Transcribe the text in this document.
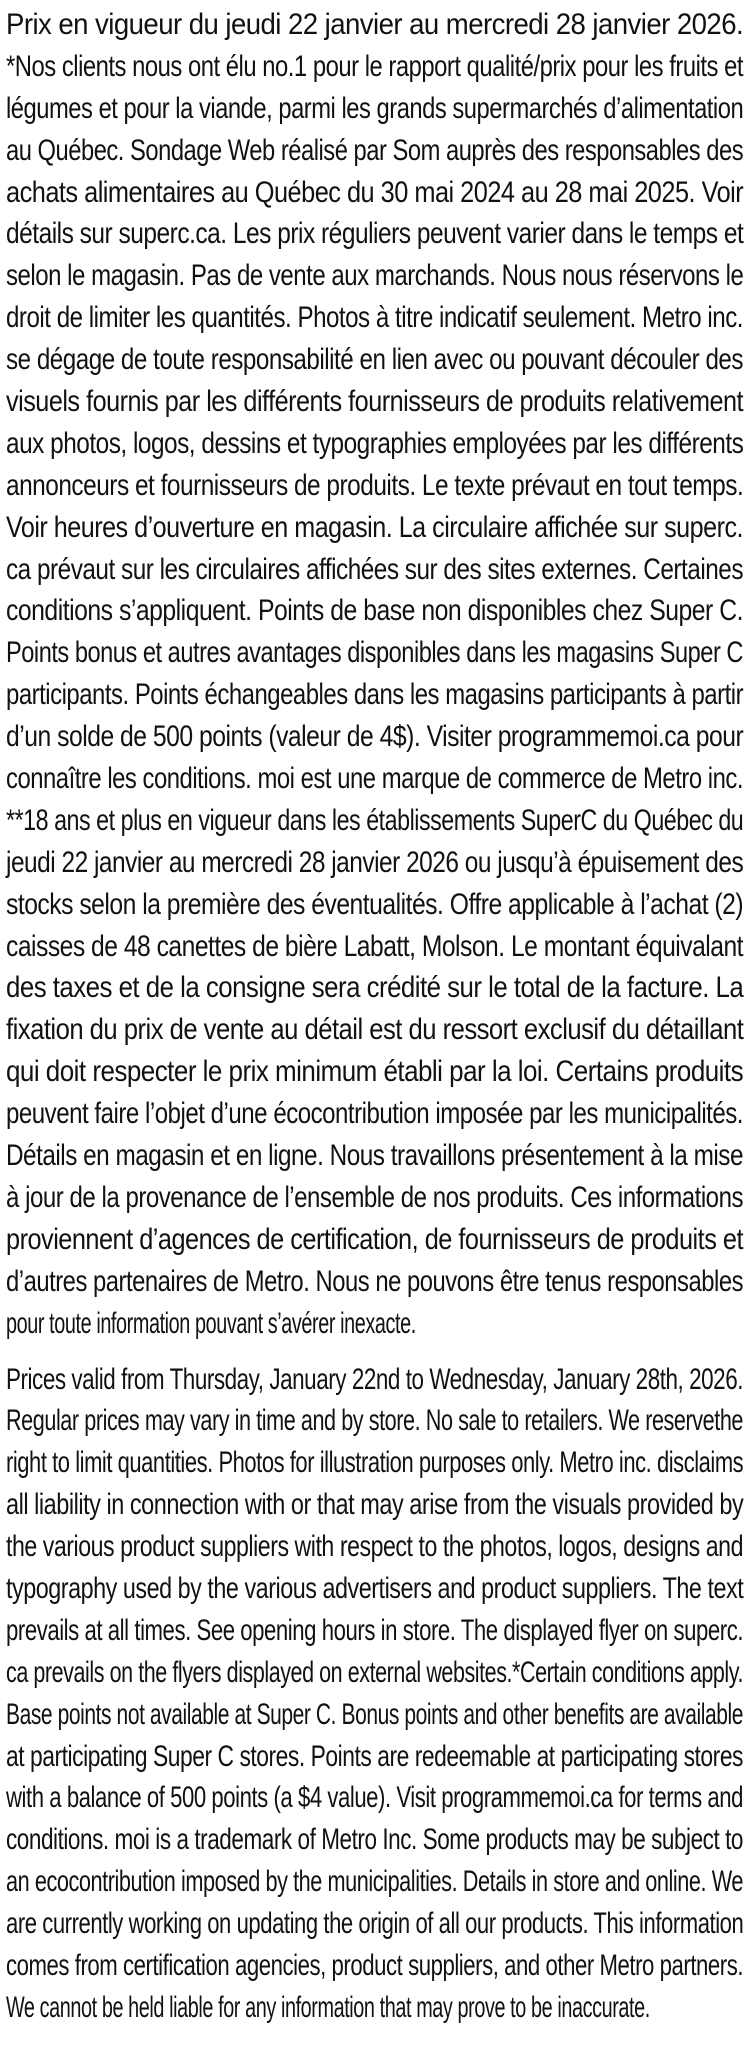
Prix en vigueur du jeudi 22 janvier au mercredi 28 janvier 2026.
*Nos clients nous ont élu no.1 pour le rapport qualité/prix pour les fruits et
légumes et pour la viande, parmi les grands supermarchés d’alimentation
au Québec. Sondage Web réalisé par Som auprès des responsables des
achats alimentaires au Québec du 30 mai 2024 au 28 mai 2025. Voir
détails sur superc.ca. Les prix réguliers peuvent varier dans le temps et
selon le magasin. Pas de vente aux marchands. Nous nous réservons le
droit de limiter les quantités. Photos à titre indicatif seulement. Metro inc.
se dégage de toute responsabilité en lien avec ou pouvant découler des
visuels fournis par les différents fournisseurs de produits relativement
aux photos, logos, dessins et typographies employées par les différents
annonceurs et fournisseurs de produits. Le texte prévaut en tout temps.
Voir heures d’ouverture en magasin. La circulaire affichée sur superc.
ca prévaut sur les circulaires affichées sur des sites externes. Certaines
conditions s’appliquent. Points de base non disponibles chez Super C.
Points bonus et autres avantages disponibles dans les magasins Super C
participants. Points échangeables dans les magasins participants à partir
d’un solde de 500 points (valeur de 4$). Visiter programmemoi.ca pour
connaître les conditions. moi est une marque de commerce de Metro inc.
**18 ans et plus en vigueur dans les établissements SuperC du Québec du
jeudi 22 janvier au mercredi 28 janvier 2026 ou jusqu’à épuisement des
stocks selon la première des éventualités. Offre applicable à l’achat (2)
caisses de 48 canettes de bière Labatt, Molson. Le montant équivalant
des taxes et de la consigne sera crédité sur le total de la facture. La
fixation du prix de vente au détail est du ressort exclusif du détaillant
qui doit respecter le prix minimum établi par la loi. Certains produits
peuvent faire l’objet d’une écocontribution imposée par les municipalités.
Détails en magasin et en ligne. Nous travaillons présentement à la mise
à jour de la provenance de l’ensemble de nos produits. Ces informations
proviennent d’agences de certification, de fournisseurs de produits et
d’autres partenaires de Metro. Nous ne pouvons être tenus responsables
pour toute information pouvant s’avérer inexacte.
Prices valid from Thursday, January 22nd to Wednesday, January 28th, 2026.
Regular prices may vary in time and by store. No sale to retailers. We reservethe
right to limit quantities. Photos for illustration purposes only. Metro inc. disclaims
all liability in connection with or that may arise from the visuals provided by
the various product suppliers with respect to the photos, logos, designs and
typography used by the various advertisers and product suppliers. The text
prevails at all times. See opening hours in store. The displayed flyer on superc.
ca prevails on the flyers displayed on external websites.*Certain conditions apply.
Base points not available at Super C. Bonus points and other benefits are available
at participating Super C stores. Points are redeemable at participating stores
with a balance of 500 points (a $4 value). Visit programmemoi.ca for terms and
conditions. moi is a trademark of Metro Inc. Some products may be subject to
an ecocontribution imposed by the municipalities. Details in store and online. We
are currently working on updating the origin of all our products. This information
comes from certification agencies, product suppliers, and other Metro partners.
We cannot be held liable for any information that may prove to be inaccurate.
